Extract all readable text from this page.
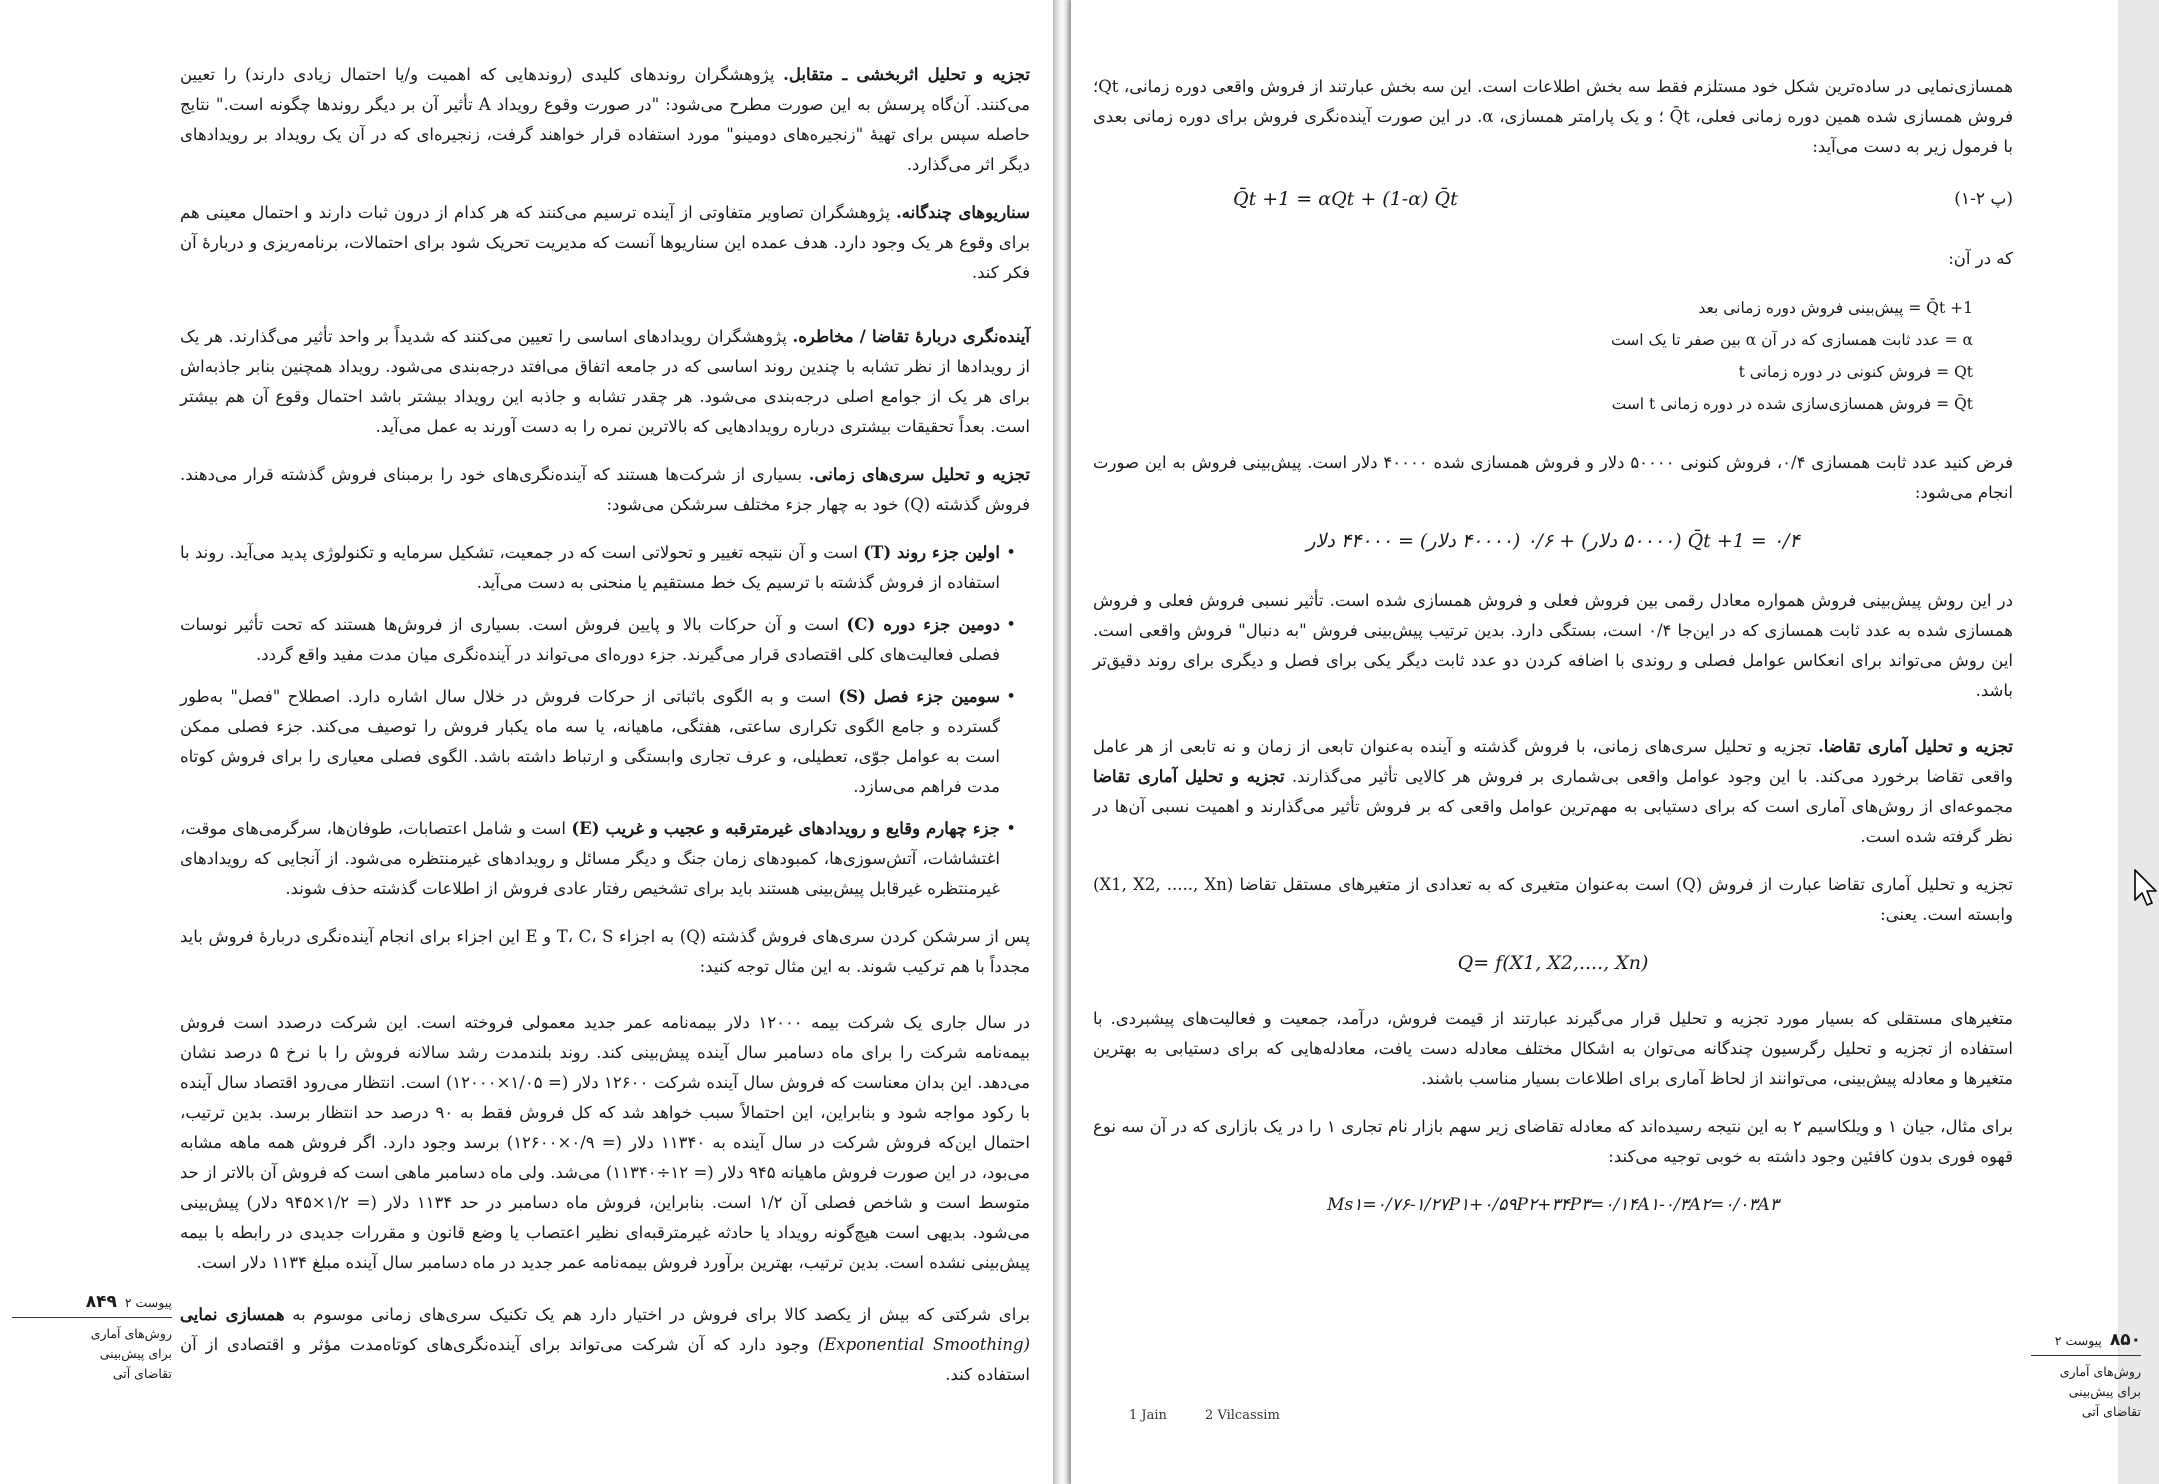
تجزیه و تحلیل اثربخشی ـ متقابل. پژوهشگران روندهای کلیدی (روندهایی که اهمیت و/یا احتمال زیادی دارند) را تعیین می‌کنند. آن‌گاه پرسش به این صورت مطرح می‌شود: "در صورت وقوع رویداد A تأثیر آن بر دیگر روندها چگونه است." نتایج حاصله سپس برای تهیهٔ "زنجیره‌های دومینو" مورد استفاده قرار خواهند گرفت، زنجیره‌ای که در آن یک رویداد بر رویدادهای دیگر اثر می‌گذارد.

سناریوهای چندگانه. پژوهشگران تصاویر متفاوتی از آینده ترسیم می‌کنند که هر کدام از درون ثبات دارند و احتمال معینی هم برای وقوع هر یک وجود دارد. هدف عمده این سناریوها آنست که مدیریت تحریک شود برای احتمالات، برنامه‌ریزی و دربارهٔ آن فکر کند.

آینده‌نگری دربارهٔ تقاضا / مخاطره. پژوهشگران رویدادهای اساسی را تعیین می‌کنند که شدیداً بر واحد تأثیر می‌گذارند. هر یک از رویدادها از نظر تشابه با چندین روند اساسی که در جامعه اتفاق می‌افتد درجه‌بندی می‌شود. رویداد همچنین بنابر جاذبه‌اش برای هر یک از جوامع اصلی درجه‌بندی می‌شود. هر چقدر تشابه و جاذبه این رویداد بیشتر باشد احتمال وقوع آن هم بیشتر است. بعداً تحقیقات بیشتری درباره رویدادهایی که بالاترین نمره را به دست آورند به عمل می‌آید.

تجزیه و تحلیل سری‌های زمانی. بسیاری از شرکت‌ها هستند که آینده‌نگری‌های خود را برمبنای فروش گذشته قرار می‌دهند. فروش گذشته (Q) خود به چهار جزء مختلف سرشکن می‌شود:

•
اولین جزء روند (T) است و آن نتیجه تغییر و تحولاتی است که در جمعیت، تشکیل سرمایه و تکنولوژی پدید می‌آید. روند با استفاده از فروش گذشته با ترسیم یک خط مستقیم یا منحنی به دست می‌آید.
•
دومین جزء دوره (C) است و آن حرکات بالا و پایین فروش است. بسیاری از فروش‌ها هستند که تحت تأثیر نوسات فصلی فعالیت‌های کلی اقتصادی قرار می‌گیرند. جزء دوره‌ای می‌تواند در آینده‌نگری میان مدت مفید واقع گردد.
•
سومین جزء فصل (S) است و به الگوی باثباتی از حرکات فروش در خلال سال اشاره دارد. اصطلاح "فصل" به‌طور گسترده و جامع الگوی تکراری ساعتی، هفتگی، ماهیانه، یا سه ماه یکبار فروش را توصیف می‌کند. جزء فصلی ممکن است به عوامل جوّی، تعطیلی، و عرف تجاری وابستگی و ارتباط داشته باشد. الگوی فصلی معیاری را برای فروش کوتاه مدت فراهم می‌سازد.
•
جزء چهارم وقایع و رویدادهای غیرمترقبه و عجیب و غریب (E) است و شامل اعتصابات، طوفان‌ها، سرگرمی‌های موقت، اغتشاشات، آتش‌سوزی‌ها، کمبودهای زمان جنگ و دیگر مسائل و رویدادهای غیرمنتظره می‌شود. از آنجایی که رویدادهای غیرمنتظره غیرقابل پیش‌بینی هستند باید برای تشخیص رفتار عادی فروش از اطلاعات گذشته حذف شوند.

پس از سرشکن کردن سری‌های فروش گذشته (Q) به اجزاء T، C، S و E این اجزاء برای انجام آینده‌نگری دربارهٔ فروش باید مجدداً با هم ترکیب شوند. به این مثال توجه کنید:

در سال جاری یک شرکت بیمه ۱۲۰۰۰ دلار بیمه‌نامه عمر جدید معمولی فروخته است. این شرکت درصدد است فروش بیمه‌نامه شرکت را برای ماه دسامبر سال آینده پیش‌بینی کند. روند بلندمدت رشد سالانه فروش را با نرخ ۵ درصد نشان می‌دهد. این بدان معناست که فروش سال آینده شرکت ۱۲۶۰۰ دلار (= ۱/۰۵×۱۲۰۰۰) است. انتظار می‌رود اقتصاد سال آینده با رکود مواجه شود و بنابراین، این احتمالاً سبب خواهد شد که کل فروش فقط به ۹۰ درصد حد انتظار برسد. بدین ترتیب، احتمال این‌که فروش شرکت در سال آینده به ۱۱۳۴۰ دلار (= ۰/۹×۱۲۶۰۰) برسد وجود دارد. اگر فروش همه ماهه مشابه می‌بود، در این صورت فروش ماهیانه ۹۴۵ دلار (= ۱۲÷۱۱۳۴۰) می‌شد. ولی ماه دسامبر ماهی است که فروش آن بالاتر از حد متوسط است و شاخص فصلی آن ۱/۲ است. بنابراین، فروش ماه دسامبر در حد ۱۱۳۴ دلار (= ۱/۲×۹۴۵ دلار) پیش‌بینی می‌شود. بدیهی است هیچ‌گونه رویداد یا حادثه غیرمترقبه‌ای نظیر اعتصاب یا وضع قانون و مقررات جدیدی در رابطه با بیمه پیش‌بینی نشده است. بدین ترتیب، بهترین برآورد فروش بیمه‌نامه عمر جدید در ماه دسامبر سال آینده مبلغ ۱۱۳۴ دلار است.

برای شرکتی که بیش از یکصد کالا برای فروش در اختیار دارد هم یک تکنیک سری‌های زمانی موسوم به همسازی نمایی (Exponential Smoothing) وجود دارد که آن شرکت می‌تواند برای آینده‌نگری‌های کوتاه‌مدت مؤثر و اقتصادی از آن استفاده کند.

پیوست ۲  ۸۴۹
روش‌های آماری
برای پیش‌بینی
تقاضای آتی

همسازی‌نمایی در ساده‌ترین شکل خود مستلزم فقط سه بخش اطلاعات است. این سه بخش عبارتند از فروش واقعی دوره زمانی، Qt؛ فروش همسازی شده همین دوره زمانی فعلی، Q̄t ؛ و یک پارامتر همسازی، α. در این صورت آینده‌نگری فروش برای دوره زمانی بعدی با فرمول زیر به دست می‌آید:

(پ ۲-۱)
Q̄t +1 = αQt + (1-α) Q̄t

که در آن:

Q̄t +1 = پیش‌بینی فروش دوره زمانی بعد
α = عدد ثابت همسازی که در آن α بین صفر تا یک است
Qt = فروش کنونی در دوره زمانی t
Q̄t = فروش همسازی‌سازی شده در دوره زمانی t است

فرض کنید عدد ثابت همسازی ۰/۴، فروش کنونی ۵۰۰۰۰ دلار و فروش همسازی شده ۴۰۰۰۰ دلار است. پیش‌بینی فروش به این صورت انجام می‌شود:

Q̄t +1 = ۰/۴ (۵۰۰۰۰ دلار) + ۰/۶ (۴۰۰۰۰ دلار) = ۴۴۰۰۰ دلار

در این روش پیش‌بینی فروش همواره معادل رقمی بین فروش فعلی و فروش همسازی شده است. تأثیر نسبی فروش فعلی و فروش همسازی شده به عدد ثابت همسازی که در این‌جا ۰/۴ است، بستگی دارد. بدین ترتیب پیش‌بینی فروش "به دنبال" فروش واقعی است. این روش می‌تواند برای انعکاس عوامل فصلی و روندی با اضافه کردن دو عدد ثابت دیگر یکی برای فصل و دیگری برای روند دقیق‌تر باشد.

تجزیه و تحلیل آماری تقاضا. تجزیه و تحلیل سری‌های زمانی، با فروش گذشته و آینده به‌عنوان تابعی از زمان و نه تابعی از هر عامل واقعی تقاضا برخورد می‌کند. با این وجود عوامل واقعی بی‌شماری بر فروش هر کالایی تأثیر می‌گذارند. تجزیه و تحلیل آماری تقاضا مجموعه‌ای از روش‌های آماری است که برای دستیابی به مهم‌ترین عوامل واقعی که بر فروش تأثیر می‌گذارند و اهمیت نسبی آن‌ها در نظر گرفته شده است.

تجزیه و تحلیل آماری تقاضا عبارت از فروش (Q) است به‌عنوان متغیری که به تعدادی از متغیرهای مستقل تقاضا (X1, X2, ....., Xn) وابسته است. یعنی:

Q= f(X1, X2,...., Xn)

متغیرهای مستقلی که بسیار مورد تجزیه و تحلیل قرار می‌گیرند عبارتند از قیمت فروش، درآمد، جمعیت و فعالیت‌های پیشبردی. با استفاده از تجزیه و تحلیل رگرسیون چندگانه می‌توان به اشکال مختلف معادله دست یافت، معادله‌هایی که برای دستیابی به بهترین متغیرها و معادله پیش‌بینی، می‌توانند از لحاظ آماری برای اطلاعات بسیار مناسب باشند.

برای مثال، جیان ۱ و ویلکاسیم ۲ به این نتیجه رسیده‌اند که معادله تقاضای زیر سهم بازار نام تجاری ۱ را در یک بازاری که در آن سه نوع قهوه فوری بدون کافئین وجود داشته به خوبی توجیه می‌کند:

Ms۱=۰/۷۶-۱/۲۷P۱+۰/۵۹P۲+۳۴P۳=۰/۱۴A۱-۰/۳A۲=۰/۰۳A۳
1 Jain	2 Vilcassim
۸۵۰  پیوست ۲
روش‌های آماری
برای پیش‌بینی
تقاضای آتی
